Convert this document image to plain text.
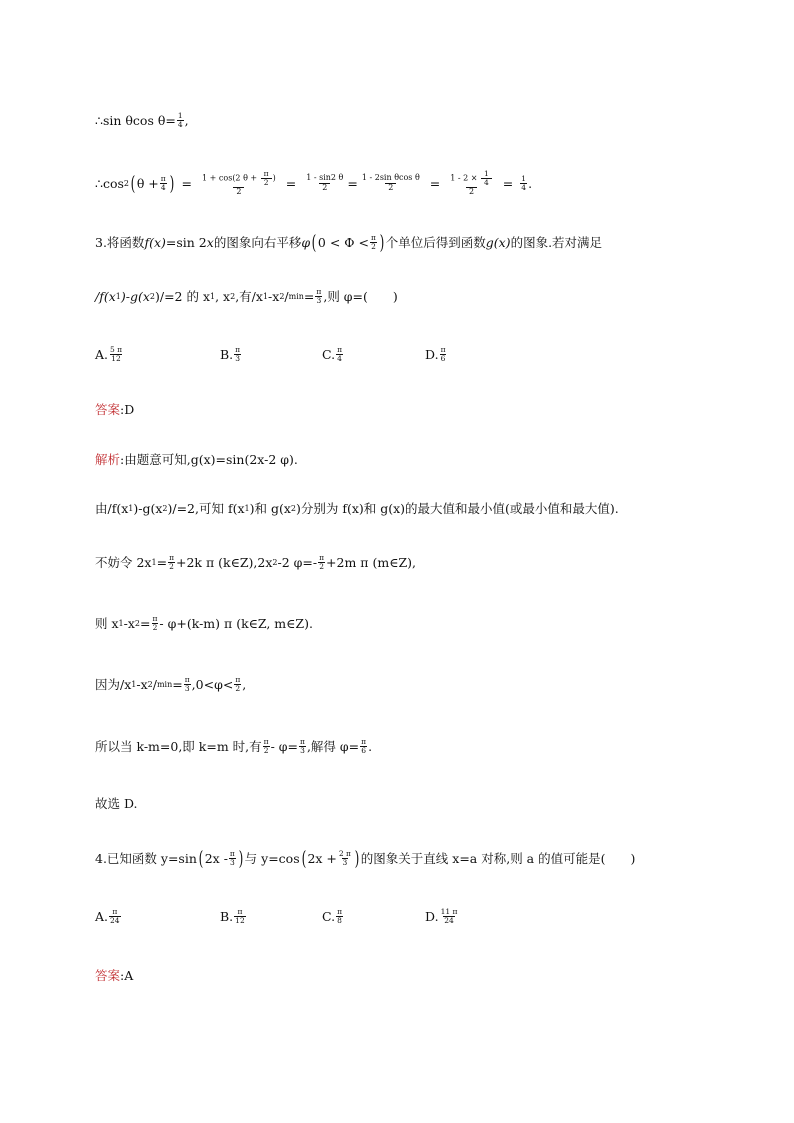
∴sin θcos $\theta= \frac{1}{4}$ ,
∴cos 2 ( $\theta + \frac{\pi}{4}$ ) = $\frac{1 + \cos(2 \theta + \frac{\pi}{2} )}{2} = \frac{1 - \sin 2 \theta}{2} = \frac{\text{1 - 2sin θcos θ}}{2} = \frac{1 - 2 \times \frac{1}{4}}{2} = \frac{1}{4}$ .
3.将函数 f(x) =sin 2 x 的图象向右平移 φ ( $0 < \Phi < \frac{\pi}{2}$ ) 个单位后得到函数 g(x) 的图象.若对满足
/f(x 1 )-g(x 2 )/=2 的 x 1 , x 2 ,有/x 1 -x $2 / \min = \frac{\pi}{3}$ ,则 φ=(　　)
A. $\frac{5 \pi}{12}$	B. $\frac{\pi}{3}$	C. $\frac{\pi}{4}$	D. $\frac{\pi}{6}$
答案 :D
解析 :由题意可知,g(x)=sin(2x-2 φ).
由/f(x 1 )-g(x 2 )/=2,可知 f(x 1 )和 g(x 2 )分别为 f(x)和 g(x)的最大值和最小值(或最小值和最大值).
不妨令 2x $1 = \frac{\pi}{2} +2k$ π (k∈Z),2x 2 -2 $\varphi=- \frac{\pi}{2} +2m$ π (m∈Z),
则 x 1 -x $2 = \frac{\pi}{2} - \varphi+(k-m)$ π (k∈Z, m∈Z).
因为/x 1 -x $2 / \min = \frac{\pi}{3} ,0<\varphi< \frac{\pi}{2}$ ,
所以当 k-m=0,即 k=m 时,有 $\frac{\pi}{2} - \varphi= \frac{\pi}{3}$ ,解得 $\varphi= \frac{\pi}{6}$ .
故选 D.
4.已知函数 y=sin ( $2x - \frac{\pi}{3}$ ) 与 y=cos ( $2x + \frac{2 \pi}{3}$ ) 的图象关于直线 x=a 对称,则 a 的值可能是(　　)
A. $\frac{\pi}{24}$	B. $\frac{\pi}{12}$	C. $\frac{\pi}{8}$	D. $\frac{11 \pi}{24}$
答案 :A
